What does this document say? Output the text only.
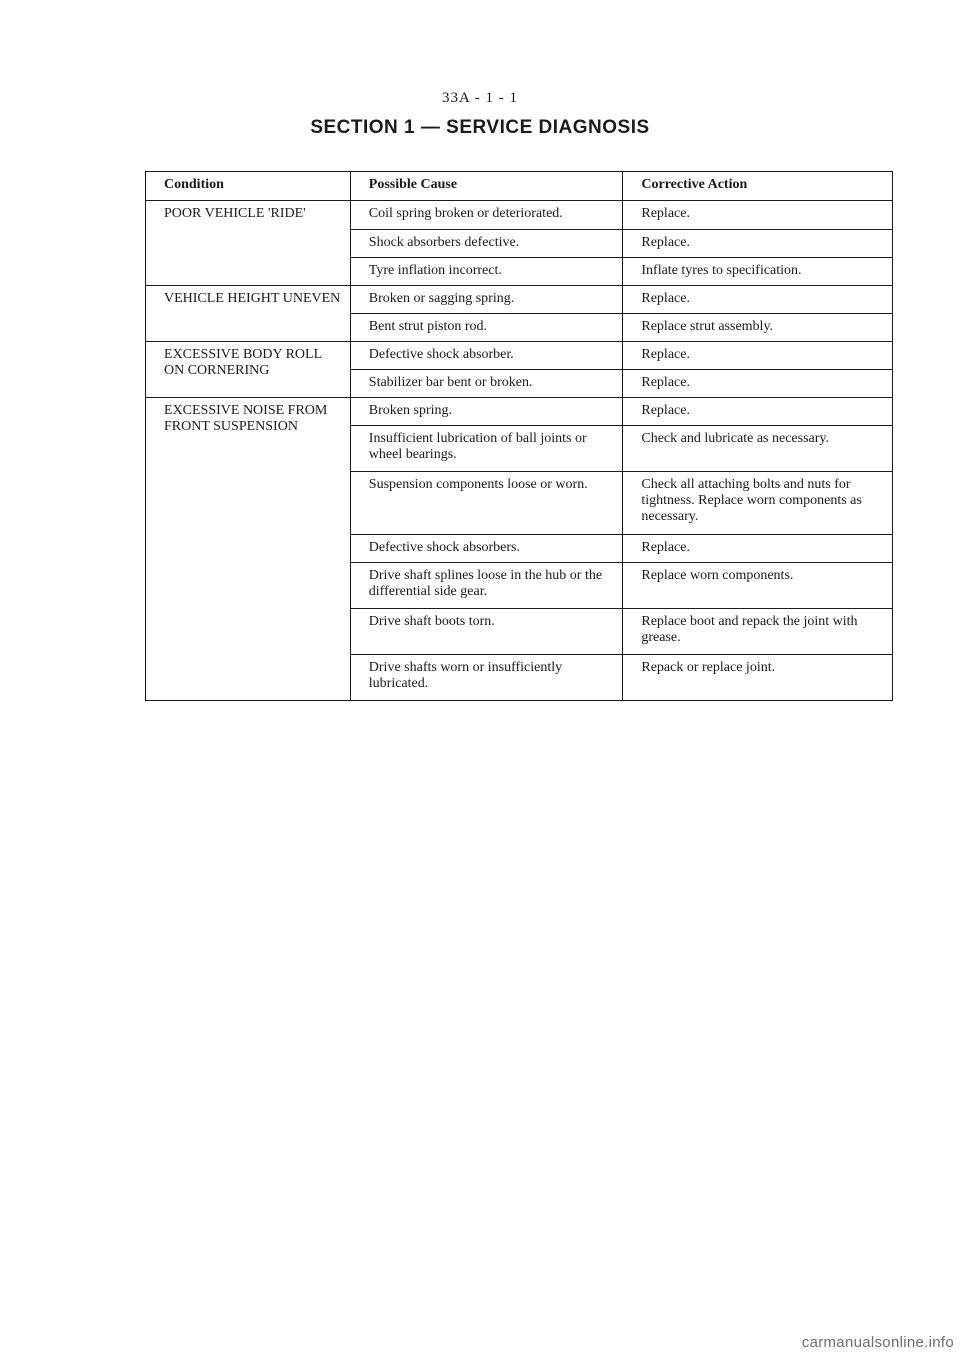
33A - 1 - 1
SECTION 1 — SERVICE DIAGNOSIS
Condition	Possible Cause	Corrective Action
POOR VEHICLE 'RIDE'	Coil spring broken or deteriorated.	Replace.
	Shock absorbers defective.	Replace.
	Tyre inflation incorrect.	Inflate tyres to specification.
VEHICLE HEIGHT UNEVEN	Broken or sagging spring.	Replace.
	Bent strut piston rod.	Replace strut assembly.
EXCESSIVE BODY ROLL ON CORNERING	Defective shock absorber.	Replace.
	Stabilizer bar bent or broken.	Replace.
EXCESSIVE NOISE FROM FRONT SUSPENSION	Broken spring.	Replace.
	Insufficient lubrication of ball joints or wheel bearings.	Check and lubricate as necessary.
	Suspension components loose or worn.	Check all attaching bolts and nuts for tightness. Replace worn components as necessary.
	Defective shock absorbers.	Replace.
	Drive shaft splines loose in the hub or the differential side gear.	Replace worn components.
	Drive shaft boots torn.	Replace boot and repack the joint with grease.
	Drive shafts worn or insufficiently lubricated.	Repack or replace joint.
carmanualsonline.info
